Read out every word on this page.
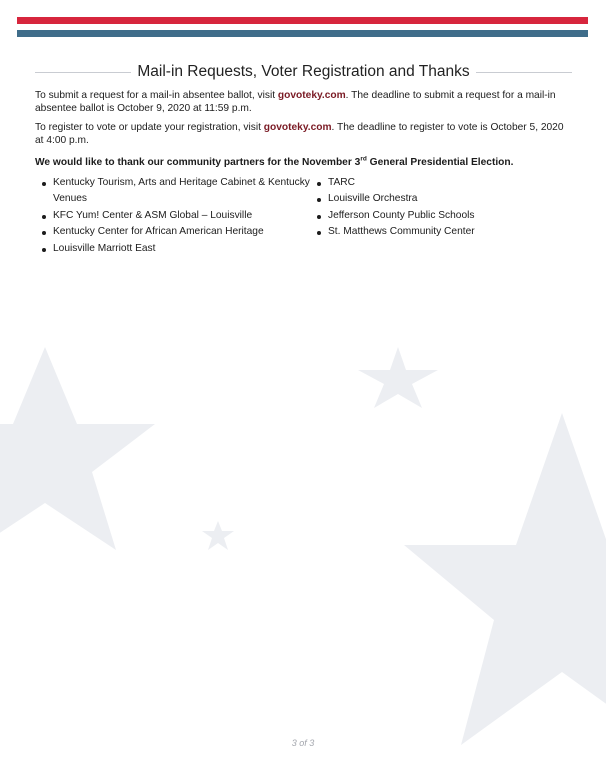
Mail-in Requests, Voter Registration and Thanks

To submit a request for a mail-in absentee ballot, visit govoteky.com. The deadline to submit a request for a mail-in absentee ballot is October 9, 2020 at 11:59 p.m.

To register to vote or update your registration, visit govoteky.com. The deadline to register to vote is October 5, 2020 at 4:00 p.m.

We would like to thank our community partners for the November 3rd General Presidential Election.

Kentucky Tourism, Arts and Heritage Cabinet & Kentucky Venues
KFC Yum! Center & ASM Global – Louisville
Kentucky Center for African American Heritage
Louisville Marriott East
TARC
Louisville Orchestra
Jefferson County Public Schools
St. Matthews Community Center
3 of 3
